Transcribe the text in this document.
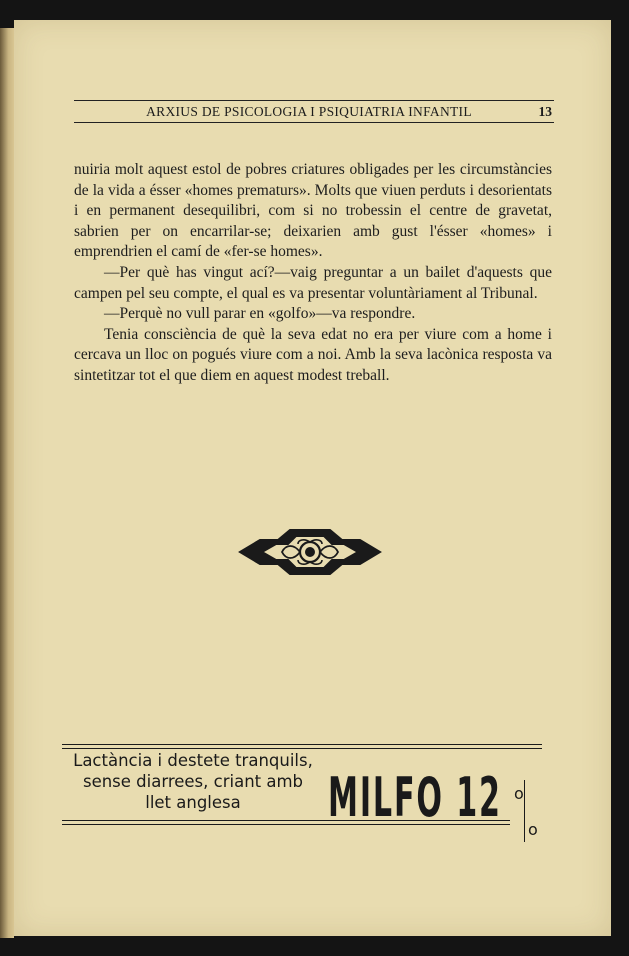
ARXIUS DE PSICOLOGIA I PSIQUIATRIA INFANTIL	13

nuiria molt aquest estol de pobres criatures obligades per les circumstàncies de la vida a ésser «homes prematurs». Molts que viuen perduts i desorientats i en permanent desequilibri, com si no trobessin el centre de gravetat, sabrien per on encarrilar-se; deixarien amb gust l'ésser «homes» i emprendrien el camí de «fer-se homes».

—Per què has vingut ací?—vaig preguntar a un bailet d'aquests que campen pel seu compte, el qual es va presentar voluntàriament al Tribunal.

—Perquè no vull parar en «golfo»—va respondre.

Tenia consciència de què la seva edat no era per viure com a home i cercava un lloc on pogués viure com a noi. Amb la seva lacònica resposta va sintetitzar tot el que diem en aquest modest treball.

Lactància i destete tranquils,
sense diarrees, criant amb
llet anglesa	MILFO 12 o
o
